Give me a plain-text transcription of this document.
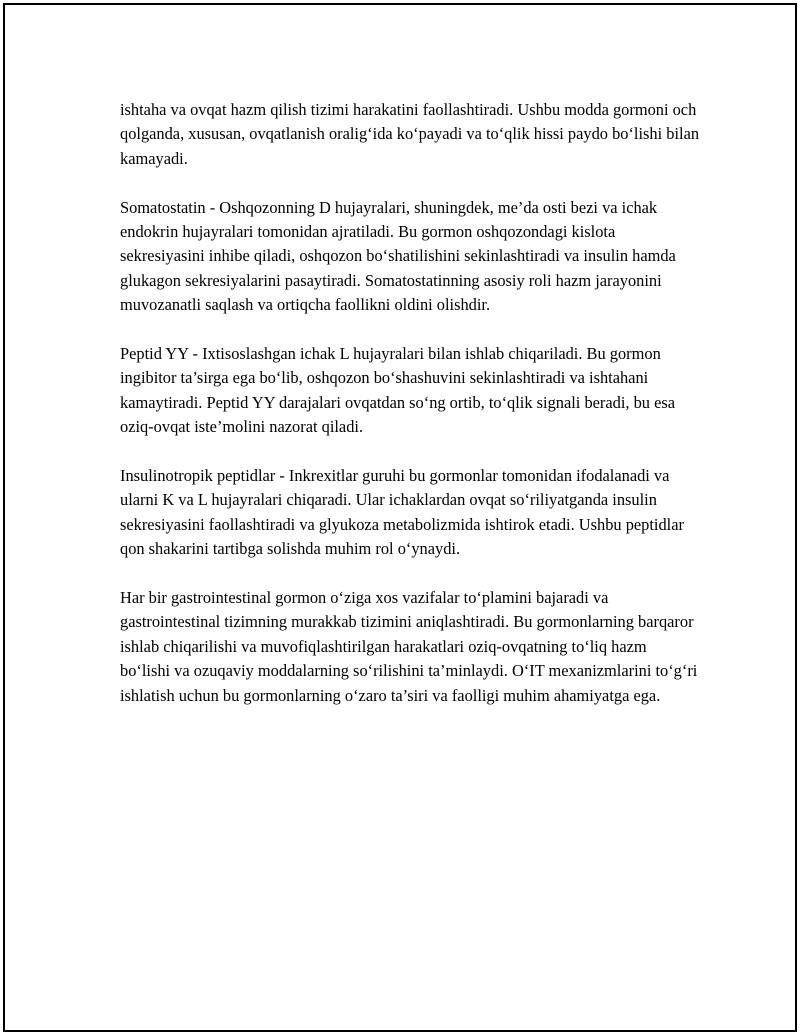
ishtaha va ovqat hazm qilish tizimi harakatini faollashtiradi. Ushbu modda gormoni och qolganda, xususan, ovqatlanish oralig‘ida ko‘payadi va to‘qlik hissi paydo bo‘lishi bilan kamayadi.

Somatostatin - Oshqozonning D hujayralari, shuningdek, me’da osti bezi va ichak endokrin hujayralari tomonidan ajratiladi. Bu gormon oshqozondagi kislota sekresiyasini inhibe qiladi, oshqozon bo‘shatilishini sekinlashtiradi va insulin hamda glukagon sekresiyalarini pasaytiradi. Somatostatinning asosiy roli hazm jarayonini muvozanatli saqlash va ortiqcha faollikni oldini olishdir.

Peptid YY - Ixtisoslashgan ichak L hujayralari bilan ishlab chiqariladi. Bu gormon ingibitor ta’sirga ega bo‘lib, oshqozon bo‘shashuvini sekinlashtiradi va ishtahani kamaytiradi. Peptid YY darajalari ovqatdan so‘ng ortib, to‘qlik signali beradi, bu esa oziq-ovqat iste’molini nazorat qiladi.

Insulinotropik peptidlar - Inkrexitlar guruhi bu gormonlar tomonidan ifodalanadi va ularni K va L hujayralari chiqaradi. Ular ichaklardan ovqat so‘riliyatganda insulin sekresiyasini faollashtiradi va glyukoza metabolizmida ishtirok etadi. Ushbu peptidlar qon shakarini tartibga solishda muhim rol o‘ynaydi.

Har bir gastrointestinal gormon o‘ziga xos vazifalar to‘plamini bajaradi va gastrointestinal tizimning murakkab tizimini aniqlashtiradi. Bu gormonlarning barqaror ishlab chiqarilishi va muvofiqlashtirilgan harakatlari oziq-ovqatning to‘liq hazm bo‘lishi va ozuqaviy moddalarning so‘rilishini ta’minlaydi. O‘IT mexanizmlarini to‘g‘ri ishlatish uchun bu gormonlarning o‘zaro ta’siri va faolligi muhim ahamiyatga ega.
